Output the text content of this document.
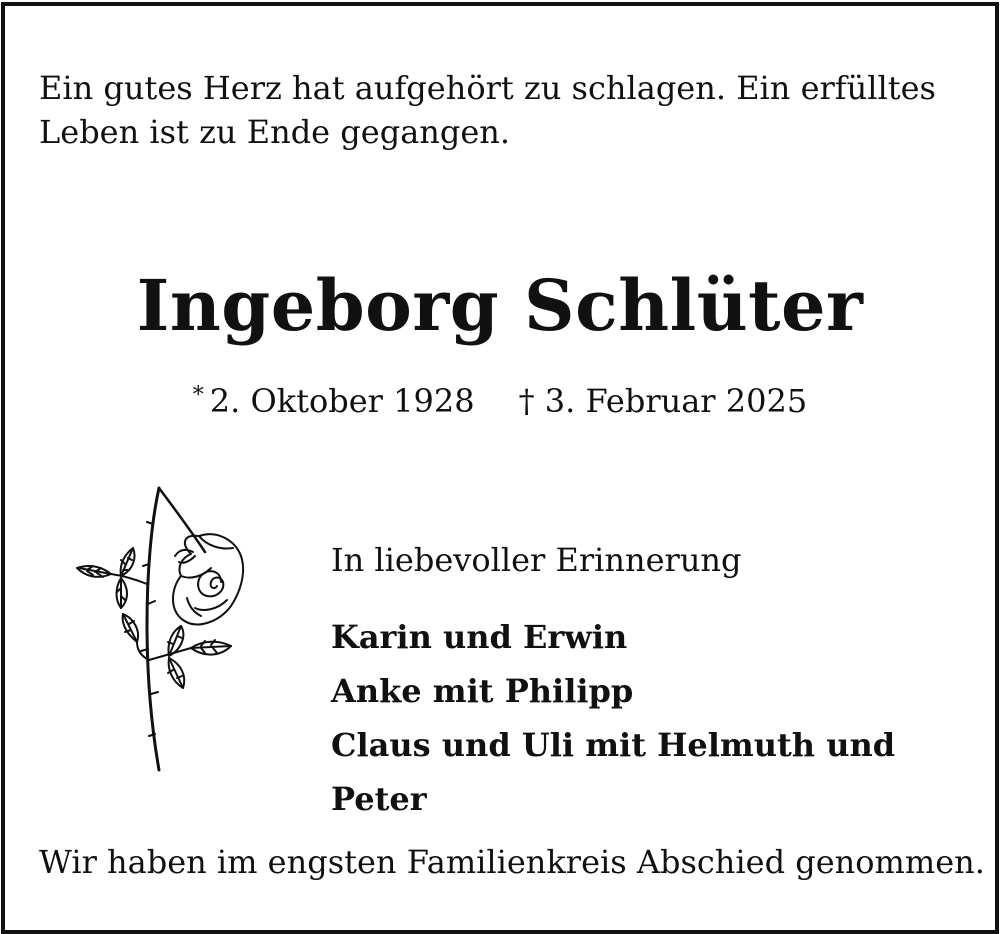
Ein gutes Herz hat aufgehört zu schlagen. Ein erfülltes Leben ist zu Ende gegangen.

Ingeborg Schlüter
* 2. Oktober 1928 † 3. Februar 2025
In liebevoller Erinnerung
Karin und Erwin
Anke mit Philipp
Claus und Uli mit Helmuth und Peter
Wir haben im engsten Familienkreis Abschied genommen.
